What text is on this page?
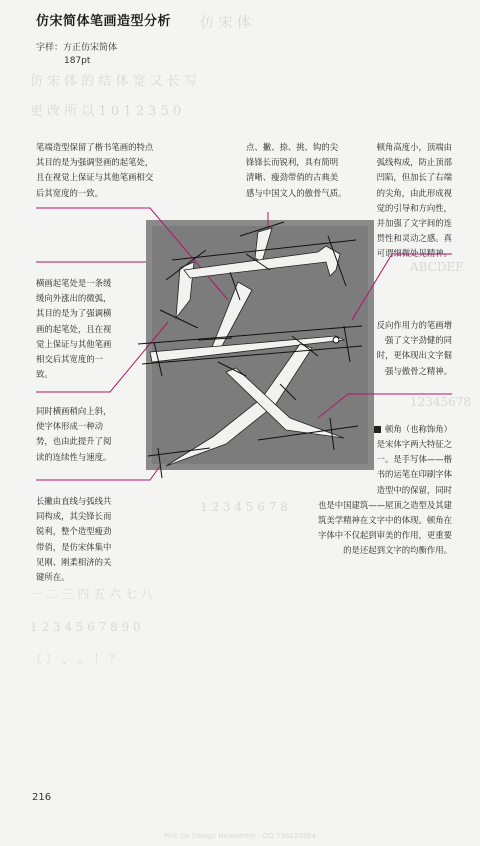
仿 宋 体
仿 宋 体 的 结 体 宽 又 长 写
更 改 所 以 1 0 1 2 3 5 0
ABCDEF
12345678
1 2 3 4 5 6 7 8
一 二 三 四 五 六 七 八
1 2 3 4 5 6 7 8 9 0
（ ） 、 。 ！ ？
仿宋简体笔画造型分析
字样：方正仿宋简体
187pt
笔端造型保留了楷书笔画的特点
其目的是为强调竖画的起笔处，
且在视觉上保证与其他笔画相交
后其宽度的一致。
横画起笔处是一条缓
缓向外涨出的微弧，
其目的是为了强调横
画的起笔处，且在视
觉上保证与其他笔画
相交后其宽度的一
致。
同时横画稍向上斜，
使字体形成一种动
势，也由此提升了阅
读的连续性与速度。
长撇由直线与弧线共
同构成，其尖锋长而
锐利，整个造型瘦劲
带俏，是仿宋体集中
见刚、刚柔相济的关
键所在。
点、撇、捺、挑、钩的尖
锋锋长而锐利，具有简明
清晰、瘦劲带俏的古典美
感与中国文人的傲骨气质。
顿角高度小，顶端由
弧线构成，防止顶部
凹陷，但加长了右端
的尖角，由此形成视
觉的引导和方向性，
并加强了文字间的连
贯性和灵动之感。真
可谓细微处见精神。
反向作用力的笔画增
强了文字劲健的同
时，更体现出文字倔
强与傲骨之精神。
顿角（也称饰角）
是宋体字两大特征之
一。是手写体——楷
书的运笔在印刷字体
造型中的保留，同时
也是中国建筑——屋顶之造型及其建
筑美学精神在文字中的体现。顿角在
字体中不仅起到审美的作用，更重要
的是还起到文字的均衡作用。
216
Pick Up Design Newsletter · QQ 736133864
